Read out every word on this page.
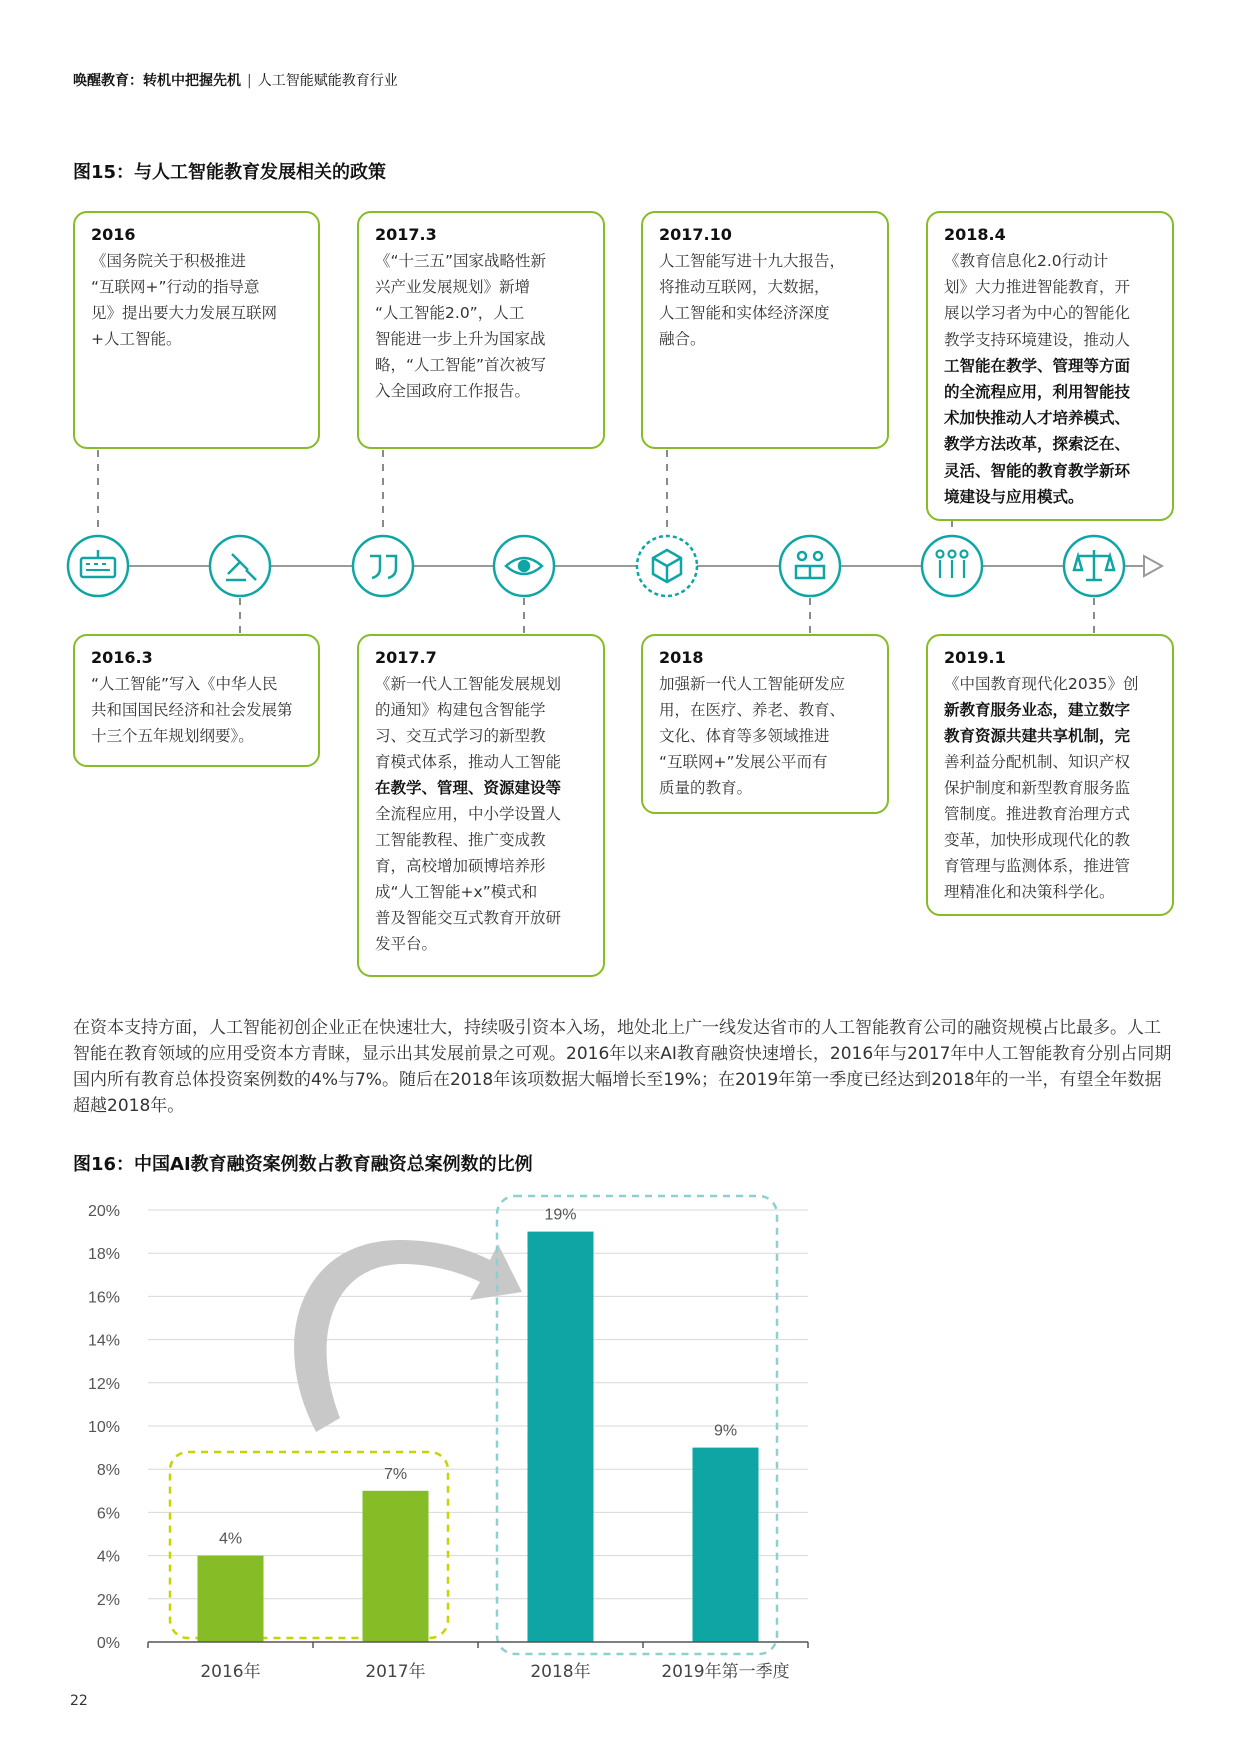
唤醒教育：转机中把握先机 | 人工智能赋能教育行业
图15：与人工智能教育发展相关的政策
2016
《国务院关于积极推进
“互联网+”行动的指导意
见》提出要大力发展互联网
+人工智能。
2017.3
《“十三五”国家战略性新
兴产业发展规划》新增
“人工智能2.0”，人工
智能进一步上升为国家战
略，“人工智能”首次被写
入全国政府工作报告。
2017.10
人工智能写进十九大报告，
将推动互联网，大数据，
人工智能和实体经济深度
融合。
2018.4
《教育信息化2.0行动计
划》大力推进智能教育，开
展以学习者为中心的智能化
教学支持环境建设，推动人
工智能在教学、管理等方面
的全流程应用，利用智能技
术加快推动人才培养模式、
教学方法改革，探索泛在、
灵活、智能的教育教学新环
境建设与应用模式。
2016.3
“人工智能”写入《中华人民
共和国国民经济和社会发展第
十三个五年规划纲要》。
2017.7
《新一代人工智能发展规划
的通知》构建包含智能学
习、交互式学习的新型教
育模式体系，推动人工智能
在教学、管理、资源建设等
全流程应用，中小学设置人
工智能教程、推广变成教
育，高校增加硕博培养形
成“人工智能+x”模式和
普及智能交互式教育开放研
发平台。
2018
加强新一代人工智能研发应
用，在医疗、养老、教育、
文化、体育等多领域推进
“互联网+”发展公平而有
质量的教育。
2019.1
《中国教育现代化2035》创
新教育服务业态，建立数字
教育资源共建共享机制，完
善利益分配机制、知识产权
保护制度和新型教育服务监
管制度。推进教育治理方式
变革，加快形成现代化的教
育管理与监测体系，推进管
理精准化和决策科学化。
在资本支持方面，人工智能初创企业正在快速壮大，持续吸引资本入场，地处北上广一线发达省市的人工智能教育公司的融资规模占比最多。人工智能在教育领域的应用受资本方青睐，显示出其发展前景之可观。2016年以来AI教育融资快速增长，2016年与2017年中人工智能教育分别占同期国内所有教育总体投资案例数的4%与7%。随后在2018年该项数据大幅增长至19%；在2019年第一季度已经达到2018年的一半，有望全年数据超越2018年。
图16：中国AI教育融资案例数占教育融资总案例数的比例
0%
2%
4%
6%
8%
10%
12%
14%
16%
18%
20%
4%
7%
19%
9%
2016年	2017年	2018年	2019年第一季度
22
